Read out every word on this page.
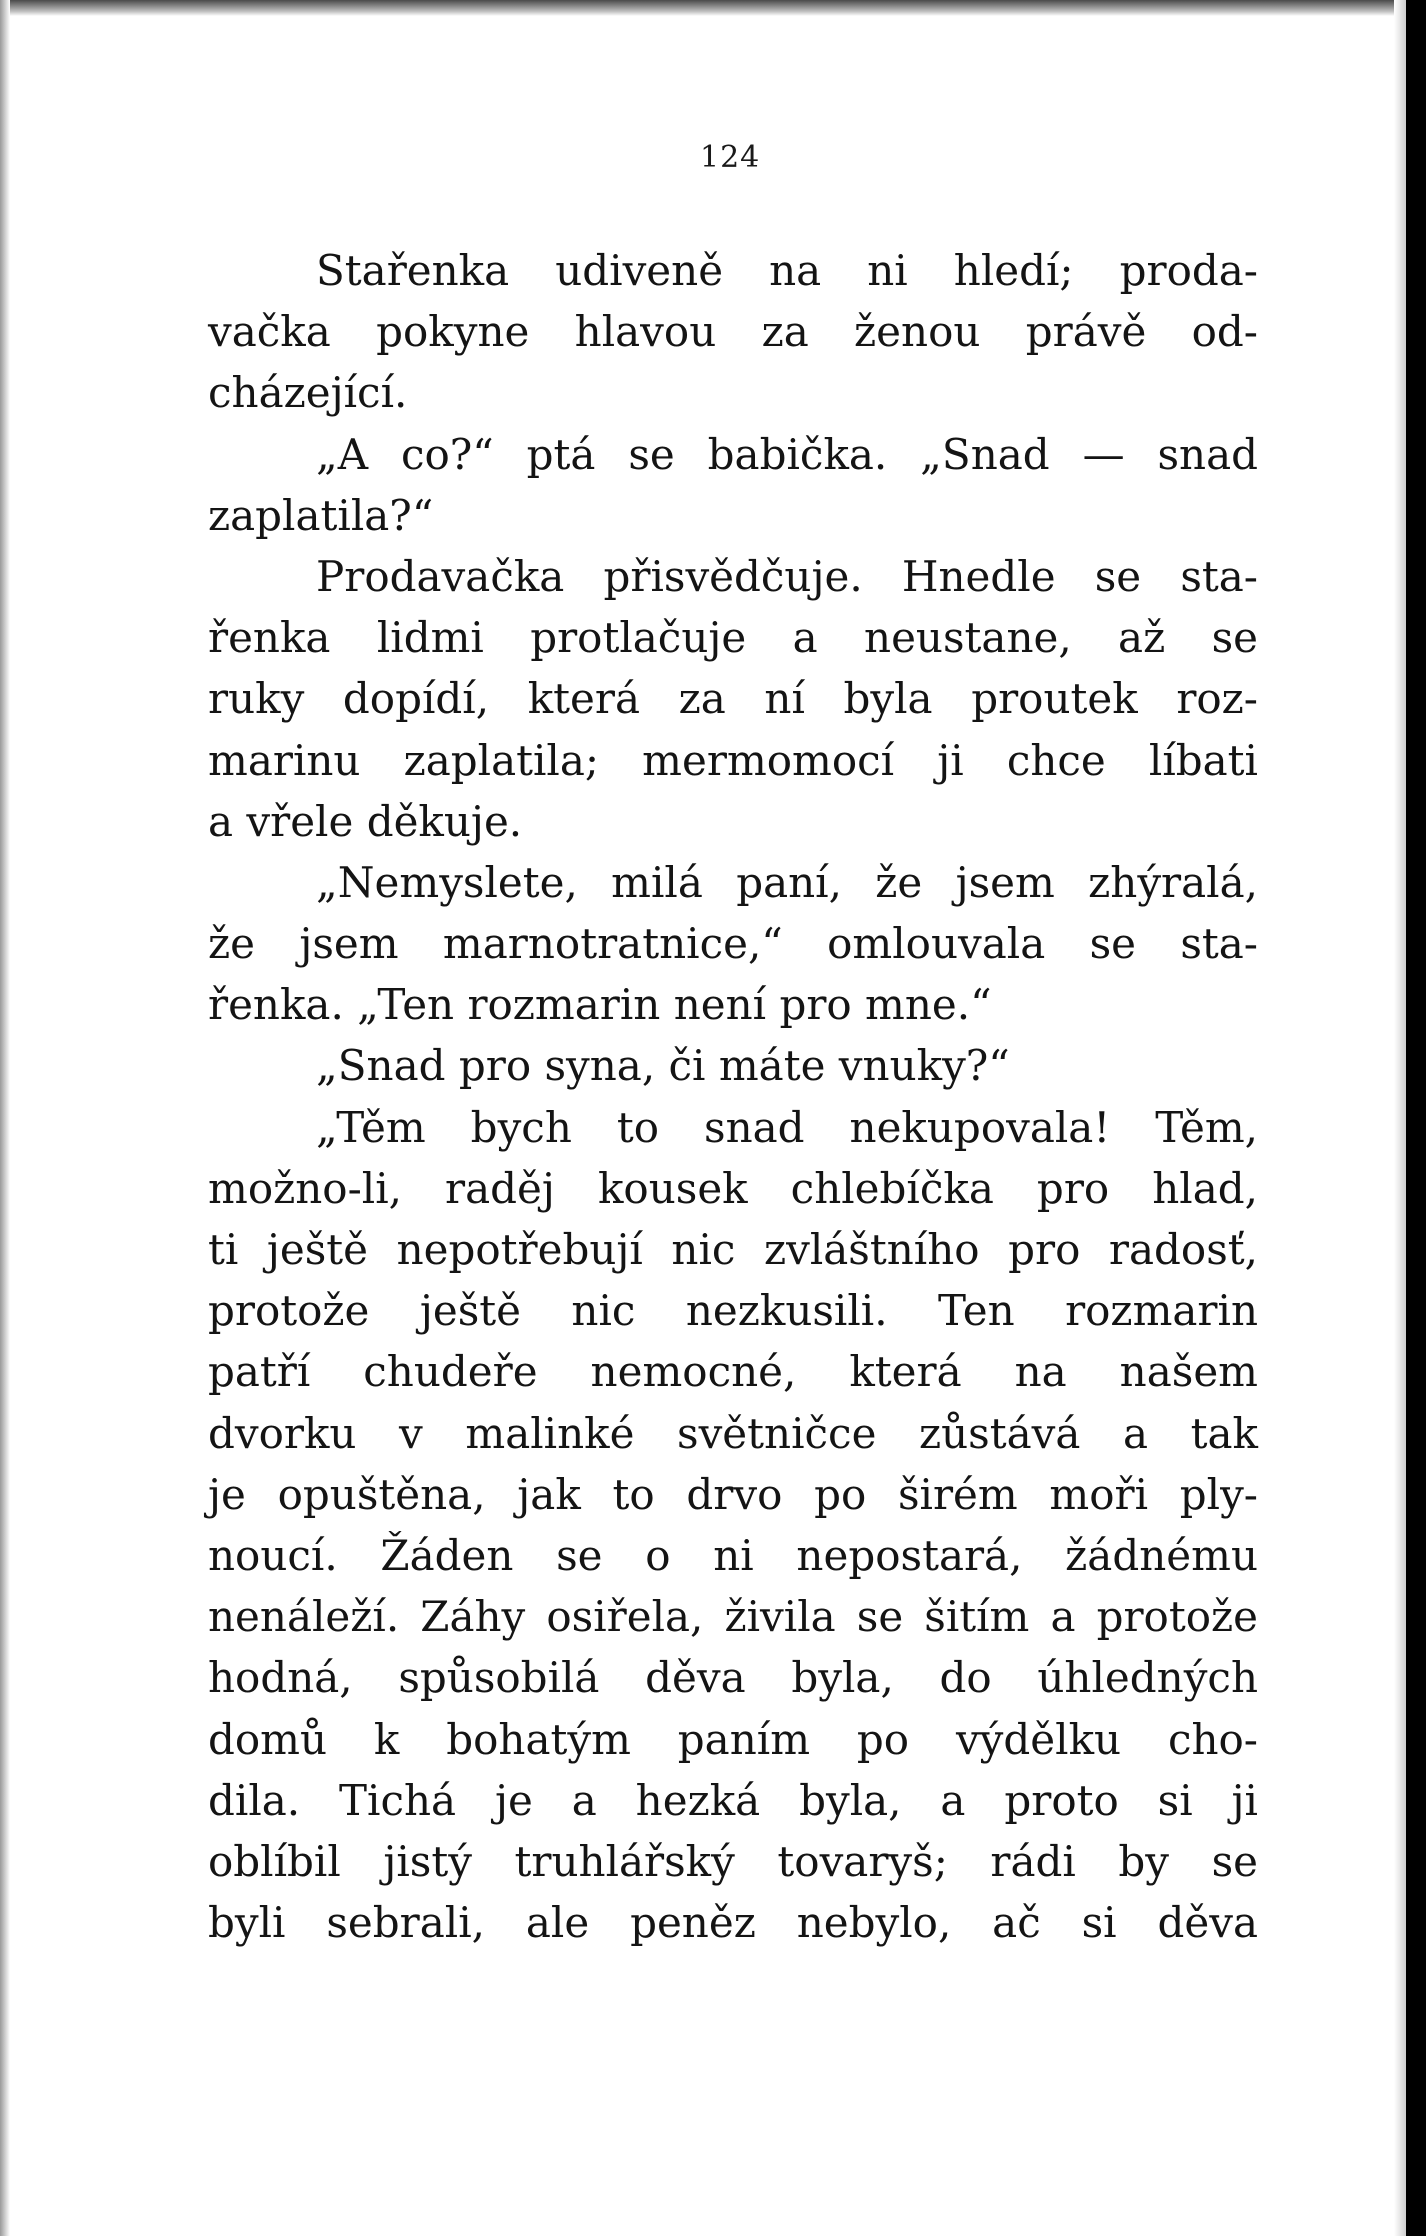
124
Stařenka udiveně na ni hledí; proda-
vačka pokyne hlavou za ženou právě od-
cházející.
„A co?“ ptá se babička. „Snad — snad
zaplatila?“
Prodavačka přisvědčuje. Hnedle se sta-
řenka lidmi protlačuje a neustane, až se
ruky dopídí, která za ní byla proutek roz-
marinu zaplatila; mermomocí ji chce líbati
a vřele děkuje.
„Nemyslete, milá paní, že jsem zhýralá,
že jsem marnotratnice,“ omlouvala se sta-
řenka. „Ten rozmarin není pro mne.“
„Snad pro syna, či máte vnuky?“
„Těm bych to snad nekupovala! Těm,
možno-li, raděj kousek chlebíčka pro hlad,
ti ještě nepotřebují nic zvláštního pro radosť,
protože ještě nic nezkusili. Ten rozmarin
patří chudeře nemocné, která na našem
dvorku v malinké světničce zůstává a tak
je opuštěna, jak to drvo po širém moři ply-
noucí. Žáden se o ni nepostará, žádnému
nenáleží. Záhy osiřela, živila se šitím a protože
hodná, spůsobilá děva byla, do úhledných
domů k bohatým paním po výdělku cho-
dila. Tichá je a hezká byla, a proto si ji
oblíbil jistý truhlářský tovaryš; rádi by se
byli sebrali, ale peněz nebylo, ač si děva
